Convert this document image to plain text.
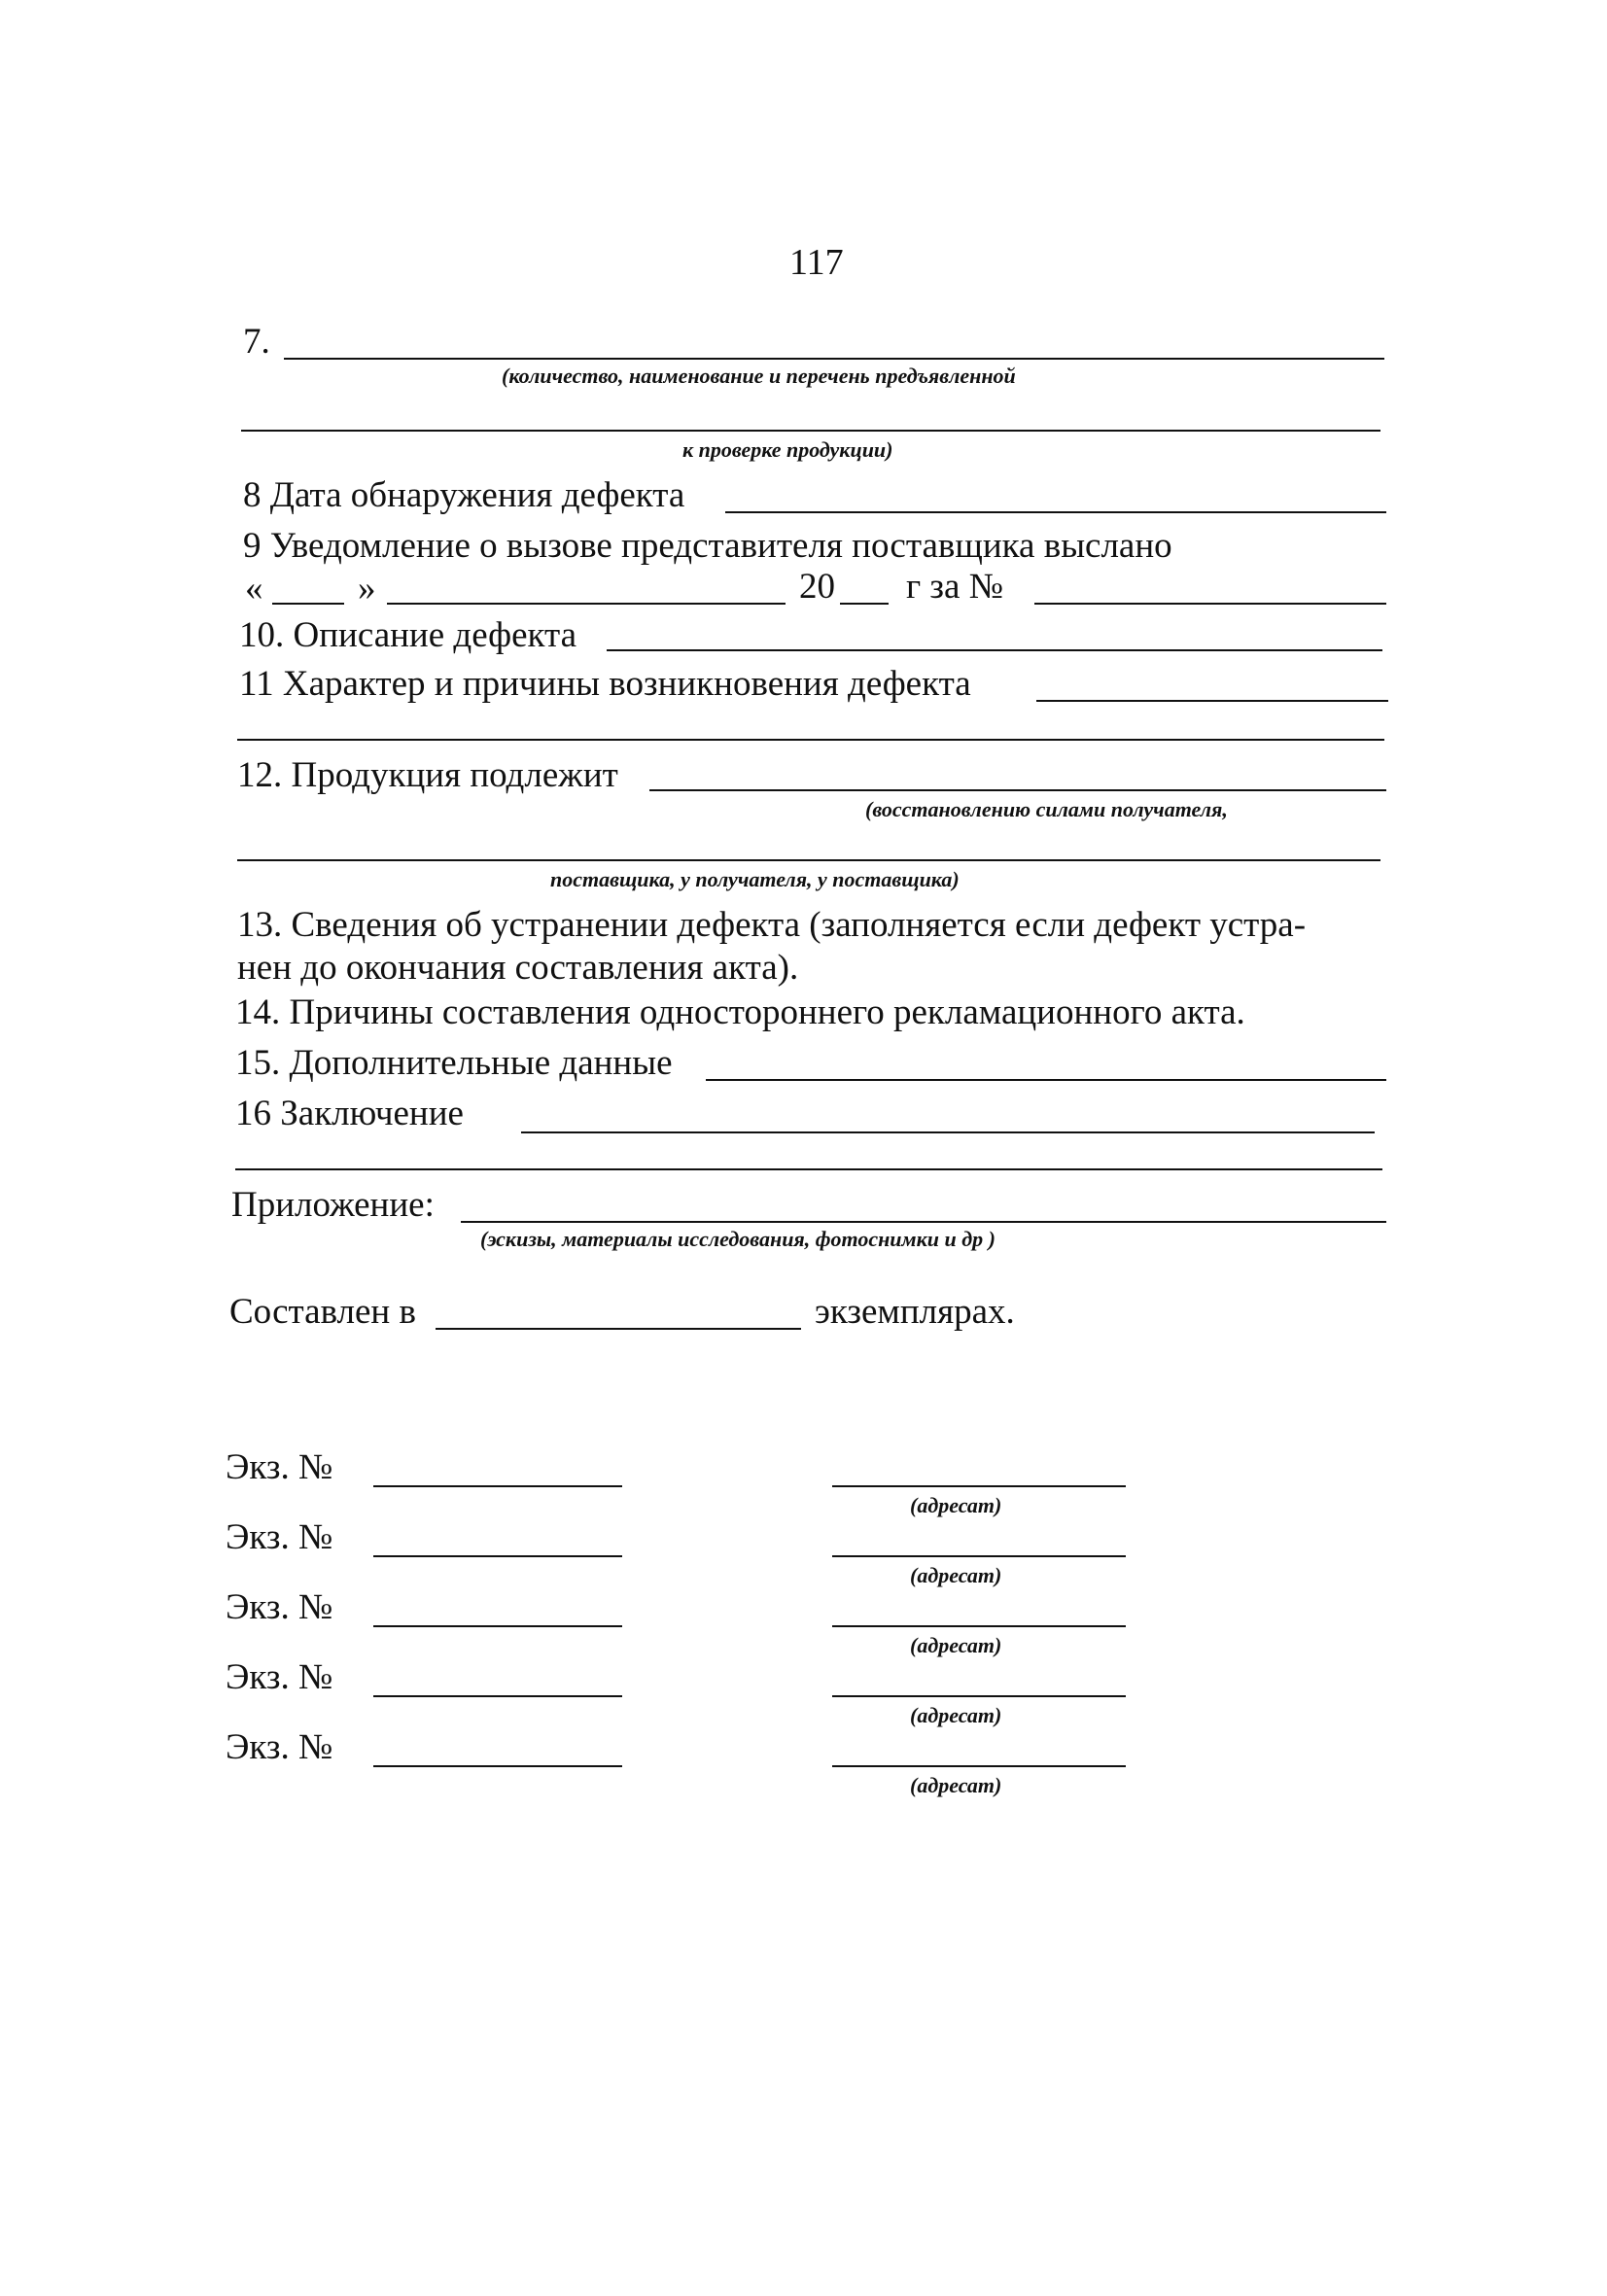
117
7.
(количество, наименование и перечень предъявленной
к проверке продукции)
8 Дата обнаружения дефекта
9 Уведомление о вызове представителя поставщика выслано
«	»	20 г за №
10. Описание дефекта
11 Характер и причины возникновения дефекта
12. Продукция подлежит
(восстановлению силами получателя,
поставщика, у получателя, у поставщика)
13. Сведения об устранении дефекта (заполняется если дефект устра-
нен до окончания составления акта).
14. Причины составления одностороннего рекламационного акта.
15. Дополнительные данные
16 Заключение
Приложение:
(эскизы, материалы исследования, фотоснимки и др )
Составлен в	экземплярах.
Экз. №
(адресат)
Экз. №
(адресат)
Экз. №
(адресат)
Экз. №
(адресат)
Экз. №
(адресат)
